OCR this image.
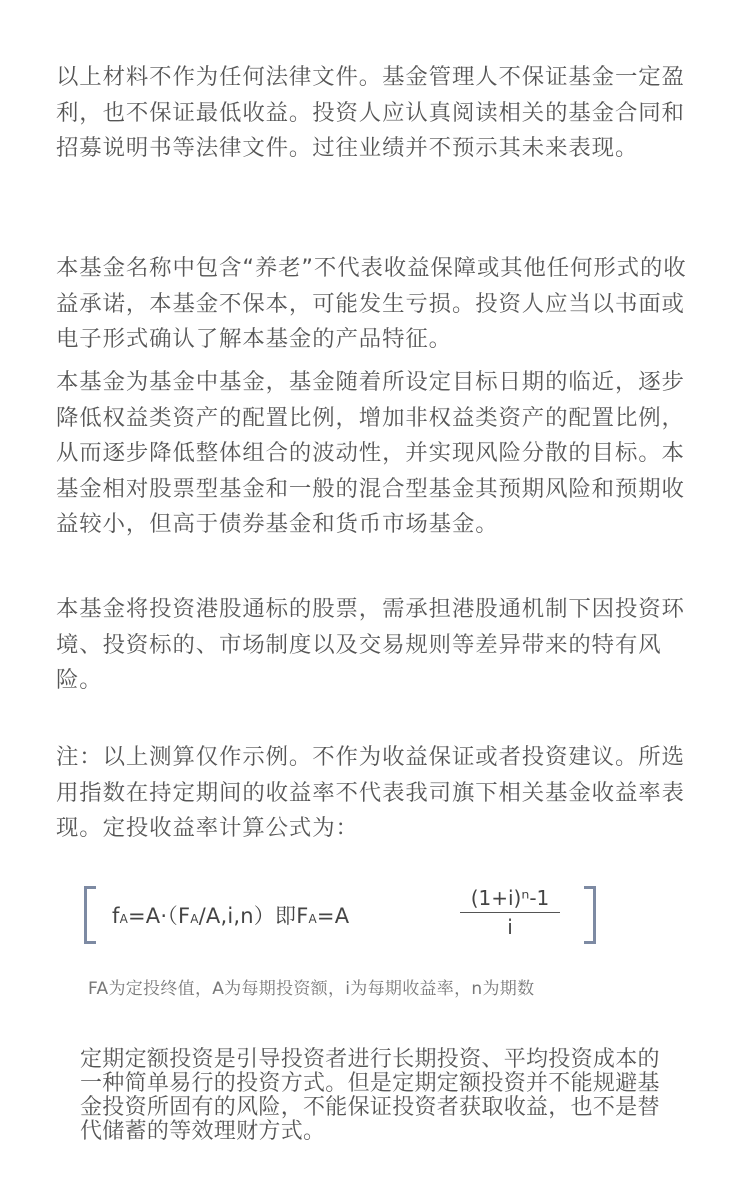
以上材料不作为任何法律文件。基金管理人不保证基金一定盈利，也不保证最低收益。投资人应认真阅读相关的基金合同和招募说明书等法律文件。过往业绩并不预示其未来表现。

本基金名称中包含“养老”不代表收益保障或其他任何形式的收益承诺，本基金不保本，可能发生亏损。投资人应当以书面或电子形式确认了解本基金的产品特征。

本基金为基金中基金，基金随着所设定目标日期的临近，逐步降低权益类资产的配置比例，增加非权益类资产的配置比例，从而逐步降低整体组合的波动性，并实现风险分散的目标。本基金相对股票型基金和一般的混合型基金其预期风险和预期收益较小，但高于债券基金和货币市场基金。

本基金将投资港股通标的股票，需承担港股通机制下因投资环境、投资标的、市场制度以及交易规则等差异带来的特有风险。

注：以上测算仅作示例。不作为收益保证或者投资建议。所选用指数在持定期间的收益率不代表我司旗下相关基金收益率表现。定投收益率计算公式为：

fA=A·（FA/A,i,n）即FA=A	$\frac{\text{(1+i)ⁿ-1}}{i}$
FA为定投终值，A为每期投资额，i为每期收益率，n为期数

定期定额投资是引导投资者进行长期投资、平均投资成本的一种简单易行的投资方式。但是定期定额投资并不能规避基金投资所固有的风险，不能保证投资者获取收益，也不是替代储蓄的等效理财方式。
